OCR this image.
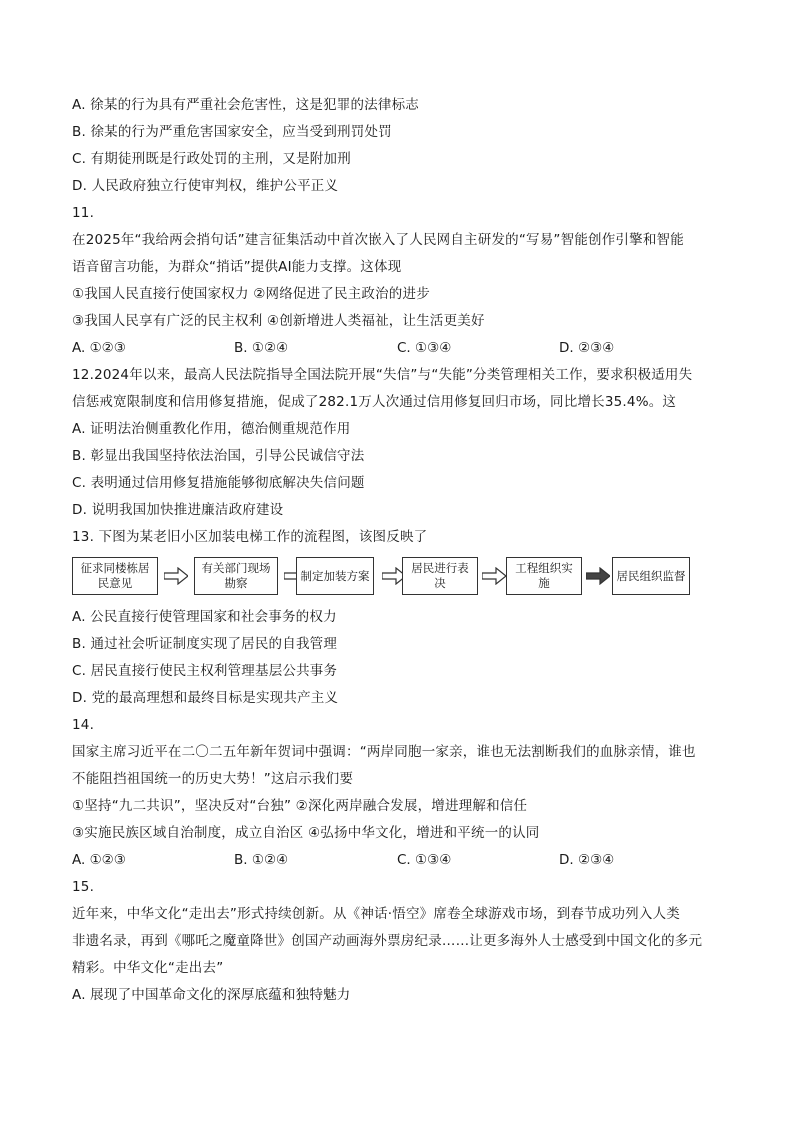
A. 徐某的行为具有严重社会危害性，这是犯罪的法律标志
B. 徐某的行为严重危害国家安全，应当受到刑罚处罚
C. 有期徒刑既是行政处罚的主刑，又是附加刑
D. 人民政府独立行使审判权，维护公平正义
11.
在2025年“我给两会捎句话”建言征集活动中首次嵌入了人民网自主研发的“写易”智能创作引擎和智能
语音留言功能，为群众“捎话”提供AI能力支撑。这体现
①我国人民直接行使国家权力 ②网络促进了民主政治的进步
③我国人民享有广泛的民主权利 ④创新增进人类福祉，让生活更美好
A. ①②③	B. ①②④	C. ①③④	D. ②③④
12.2024年以来，最高人民法院指导全国法院开展“失信”与“失能”分类管理相关工作，要求积极适用失
信惩戒宽限制度和信用修复措施，促成了282.1万人次通过信用修复回归市场，同比增长35.4%。这
A. 证明法治侧重教化作用，德治侧重规范作用
B. 彰显出我国坚持依法治国，引导公民诚信守法
C. 表明通过信用修复措施能够彻底解决失信问题
D. 说明我国加快推进廉洁政府建设
13. 下图为某老旧小区加装电梯工作的流程图，该图反映了
征求同楼栋居民意见
有关部门现场勘察
制定加装方案
居民进行表决
工程组织实施
居民组织监督
A. 公民直接行使管理国家和社会事务的权力
B. 通过社会听证制度实现了居民的自我管理
C. 居民直接行使民主权利管理基层公共事务
D. 党的最高理想和最终目标是实现共产主义
14.
国家主席习近平在二〇二五年新年贺词中强调：“两岸同胞一家亲，谁也无法割断我们的血脉亲情，谁也
不能阻挡祖国统一的历史大势！”这启示我们要
①坚持“九二共识”，坚决反对“台独” ②深化两岸融合发展，增进理解和信任
③实施民族区域自治制度，成立自治区 ④弘扬中华文化，增进和平统一的认同
A. ①②③	B. ①②④	C. ①③④	D. ②③④
15.
近年来，中华文化“走出去”形式持续创新。从《神话·悟空》席卷全球游戏市场，到春节成功列入人类
非遗名录，再到《哪吒之魔童降世》创国产动画海外票房纪录……让更多海外人士感受到中国文化的多元
精彩。中华文化“走出去”
A. 展现了中国革命文化的深厚底蕴和独特魅力
